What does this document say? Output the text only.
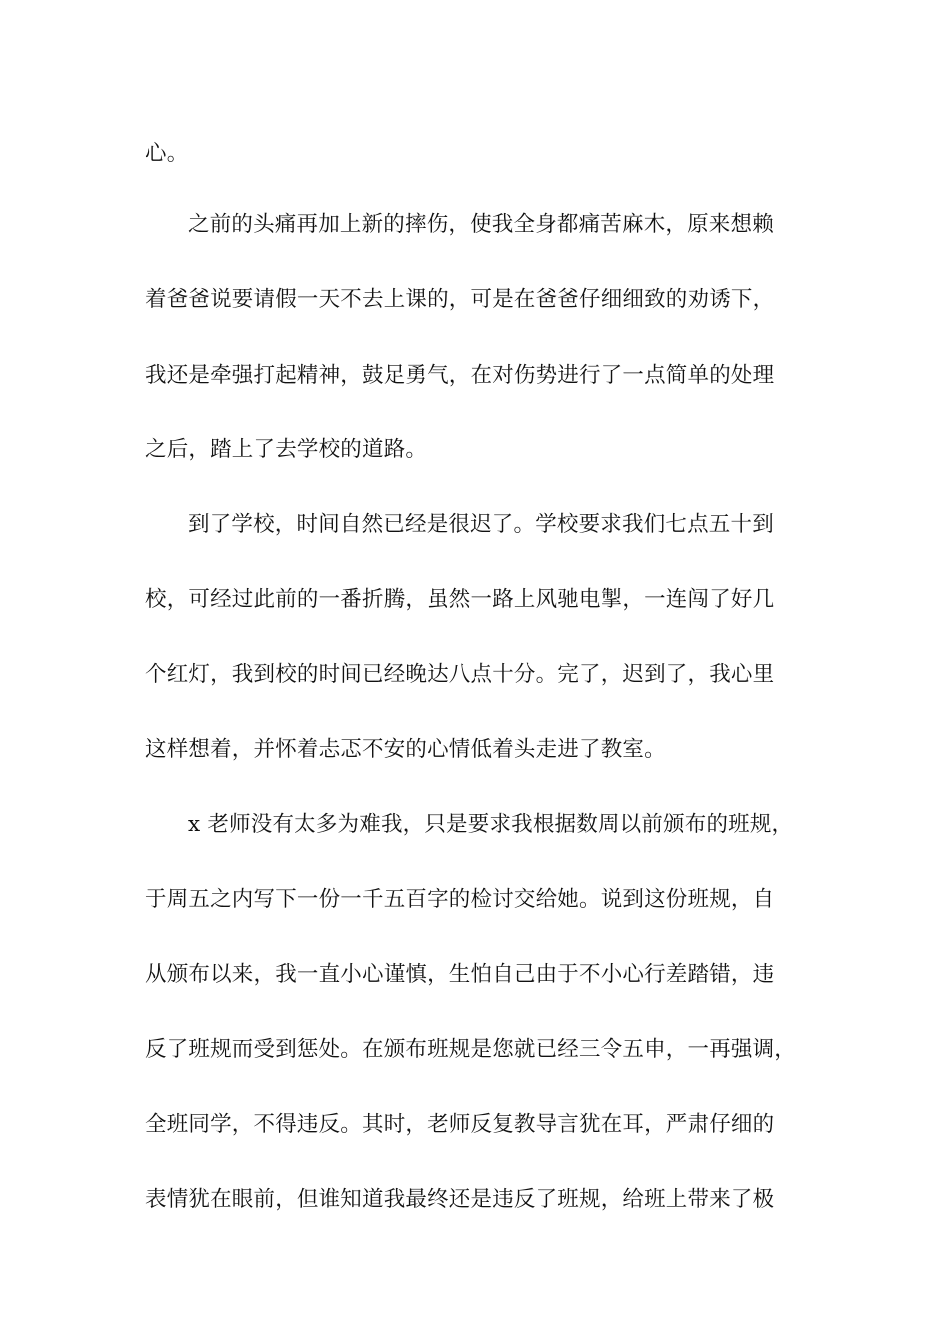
心。
之前的头痛再加上新的摔伤，使我全身都痛苦麻木，原来想赖
着爸爸说要请假一天不去上课的，可是在爸爸仔细细致的劝诱下，
我还是牵强打起精神，鼓足勇气，在对伤势进行了一点简单的处理
之后，踏上了去学校的道路。
到了学校，时间自然已经是很迟了。学校要求我们七点五十到
校，可经过此前的一番折腾，虽然一路上风驰电掣，一连闯了好几
个红灯，我到校的时间已经晚达八点十分。完了，迟到了，我心里
这样想着，并怀着忐忑不安的心情低着头走进了教室。
x 老师没有太多为难我，只是要求我根据数周以前颁布的班规，
于周五之内写下一份一千五百字的检讨交给她。说到这份班规，自
从颁布以来，我一直小心谨慎，生怕自己由于不小心行差踏错，违
反了班规而受到惩处。在颁布班规是您就已经三令五申，一再强调，
全班同学，不得违反。其时，老师反复教导言犹在耳，严肃仔细的
表情犹在眼前，但谁知道我最终还是违反了班规，给班上带来了极
